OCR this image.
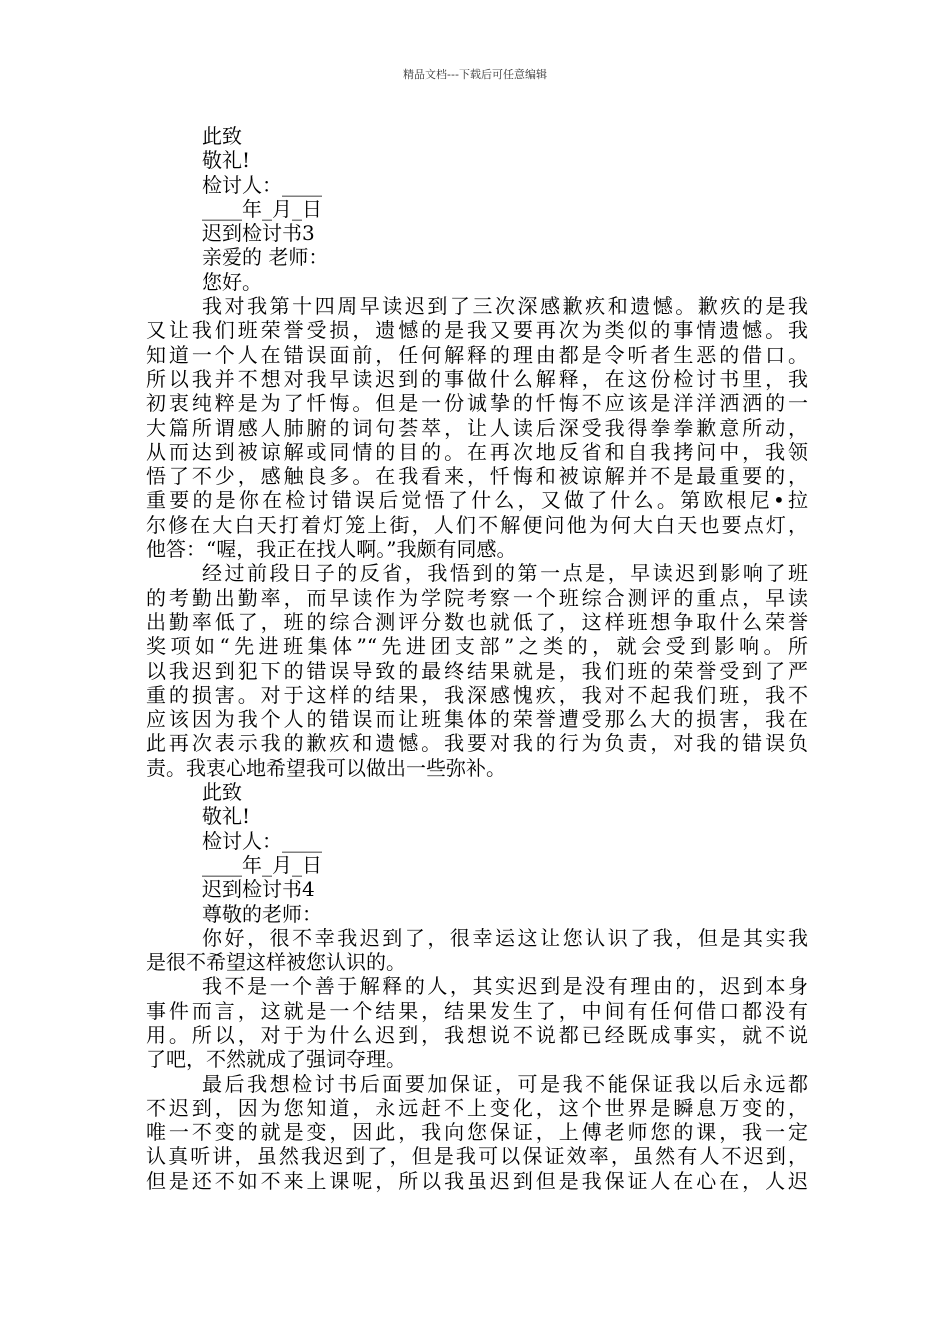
精品文档---下载后可任意编辑
此致
敬礼!
检讨人：____
____年_月_日
迟到检讨书3
亲爱的 老师：
您好。
我对我第十四周早读迟到了三次深感歉疚和遗憾。歉疚的是我
又让我们班荣誉受损，遗憾的是我又要再次为类似的事情遗憾。我
知道一个人在错误面前，任何解释的理由都是令听者生恶的借口。
所以我并不想对我早读迟到的事做什么解释，在这份检讨书里，我
初衷纯粹是为了忏悔。但是一份诚挚的忏悔不应该是洋洋洒洒的一
大篇所谓感人肺腑的词句荟萃，让人读后深受我得拳拳歉意所动，
从而达到被谅解或同情的目的。在再次地反省和自我拷问中，我领
悟了不少，感触良多。在我看来，忏悔和被谅解并不是最重要的，
重要的是你在检讨错误后觉悟了什么，又做了什么。第欧根尼•拉
尔修在大白天打着灯笼上街，人们不解便问他为何大白天也要点灯，
他答：“喔，我正在找人啊。”我颇有同感。
经过前段日子的反省，我悟到的第一点是，早读迟到影响了班
的考勤出勤率，而早读作为学院考察一个班综合测评的重点，早读
出勤率低了，班的综合测评分数也就低了，这样班想争取什么荣誉
奖项如“先进班集体”“先进团支部”之类的，就会受到影响。所
以我迟到犯下的错误导致的最终结果就是，我们班的荣誉受到了严
重的损害。对于这样的结果，我深感愧疚，我对不起我们班，我不
应该因为我个人的错误而让班集体的荣誉遭受那么大的损害，我在
此再次表示我的歉疚和遗憾。我要对我的行为负责，对我的错误负
责。我衷心地希望我可以做出一些弥补。
此致
敬礼!
检讨人：____
____年_月_日
迟到检讨书4
尊敬的老师：
你好，很不幸我迟到了，很幸运这让您认识了我，但是其实我
是很不希望这样被您认识的。
我不是一个善于解释的人，其实迟到是没有理由的，迟到本身
事件而言，这就是一个结果，结果发生了，中间有任何借口都没有
用。所以，对于为什么迟到，我想说不说都已经既成事实，就不说
了吧，不然就成了强词夺理。
最后我想检讨书后面要加保证，可是我不能保证我以后永远都
不迟到，因为您知道，永远赶不上变化，这个世界是瞬息万变的，
唯一不变的就是变，因此，我向您保证，上傅老师您的课，我一定
认真听讲，虽然我迟到了，但是我可以保证效率，虽然有人不迟到，
但是还不如不来上课呢，所以我虽迟到但是我保证人在心在，人迟
